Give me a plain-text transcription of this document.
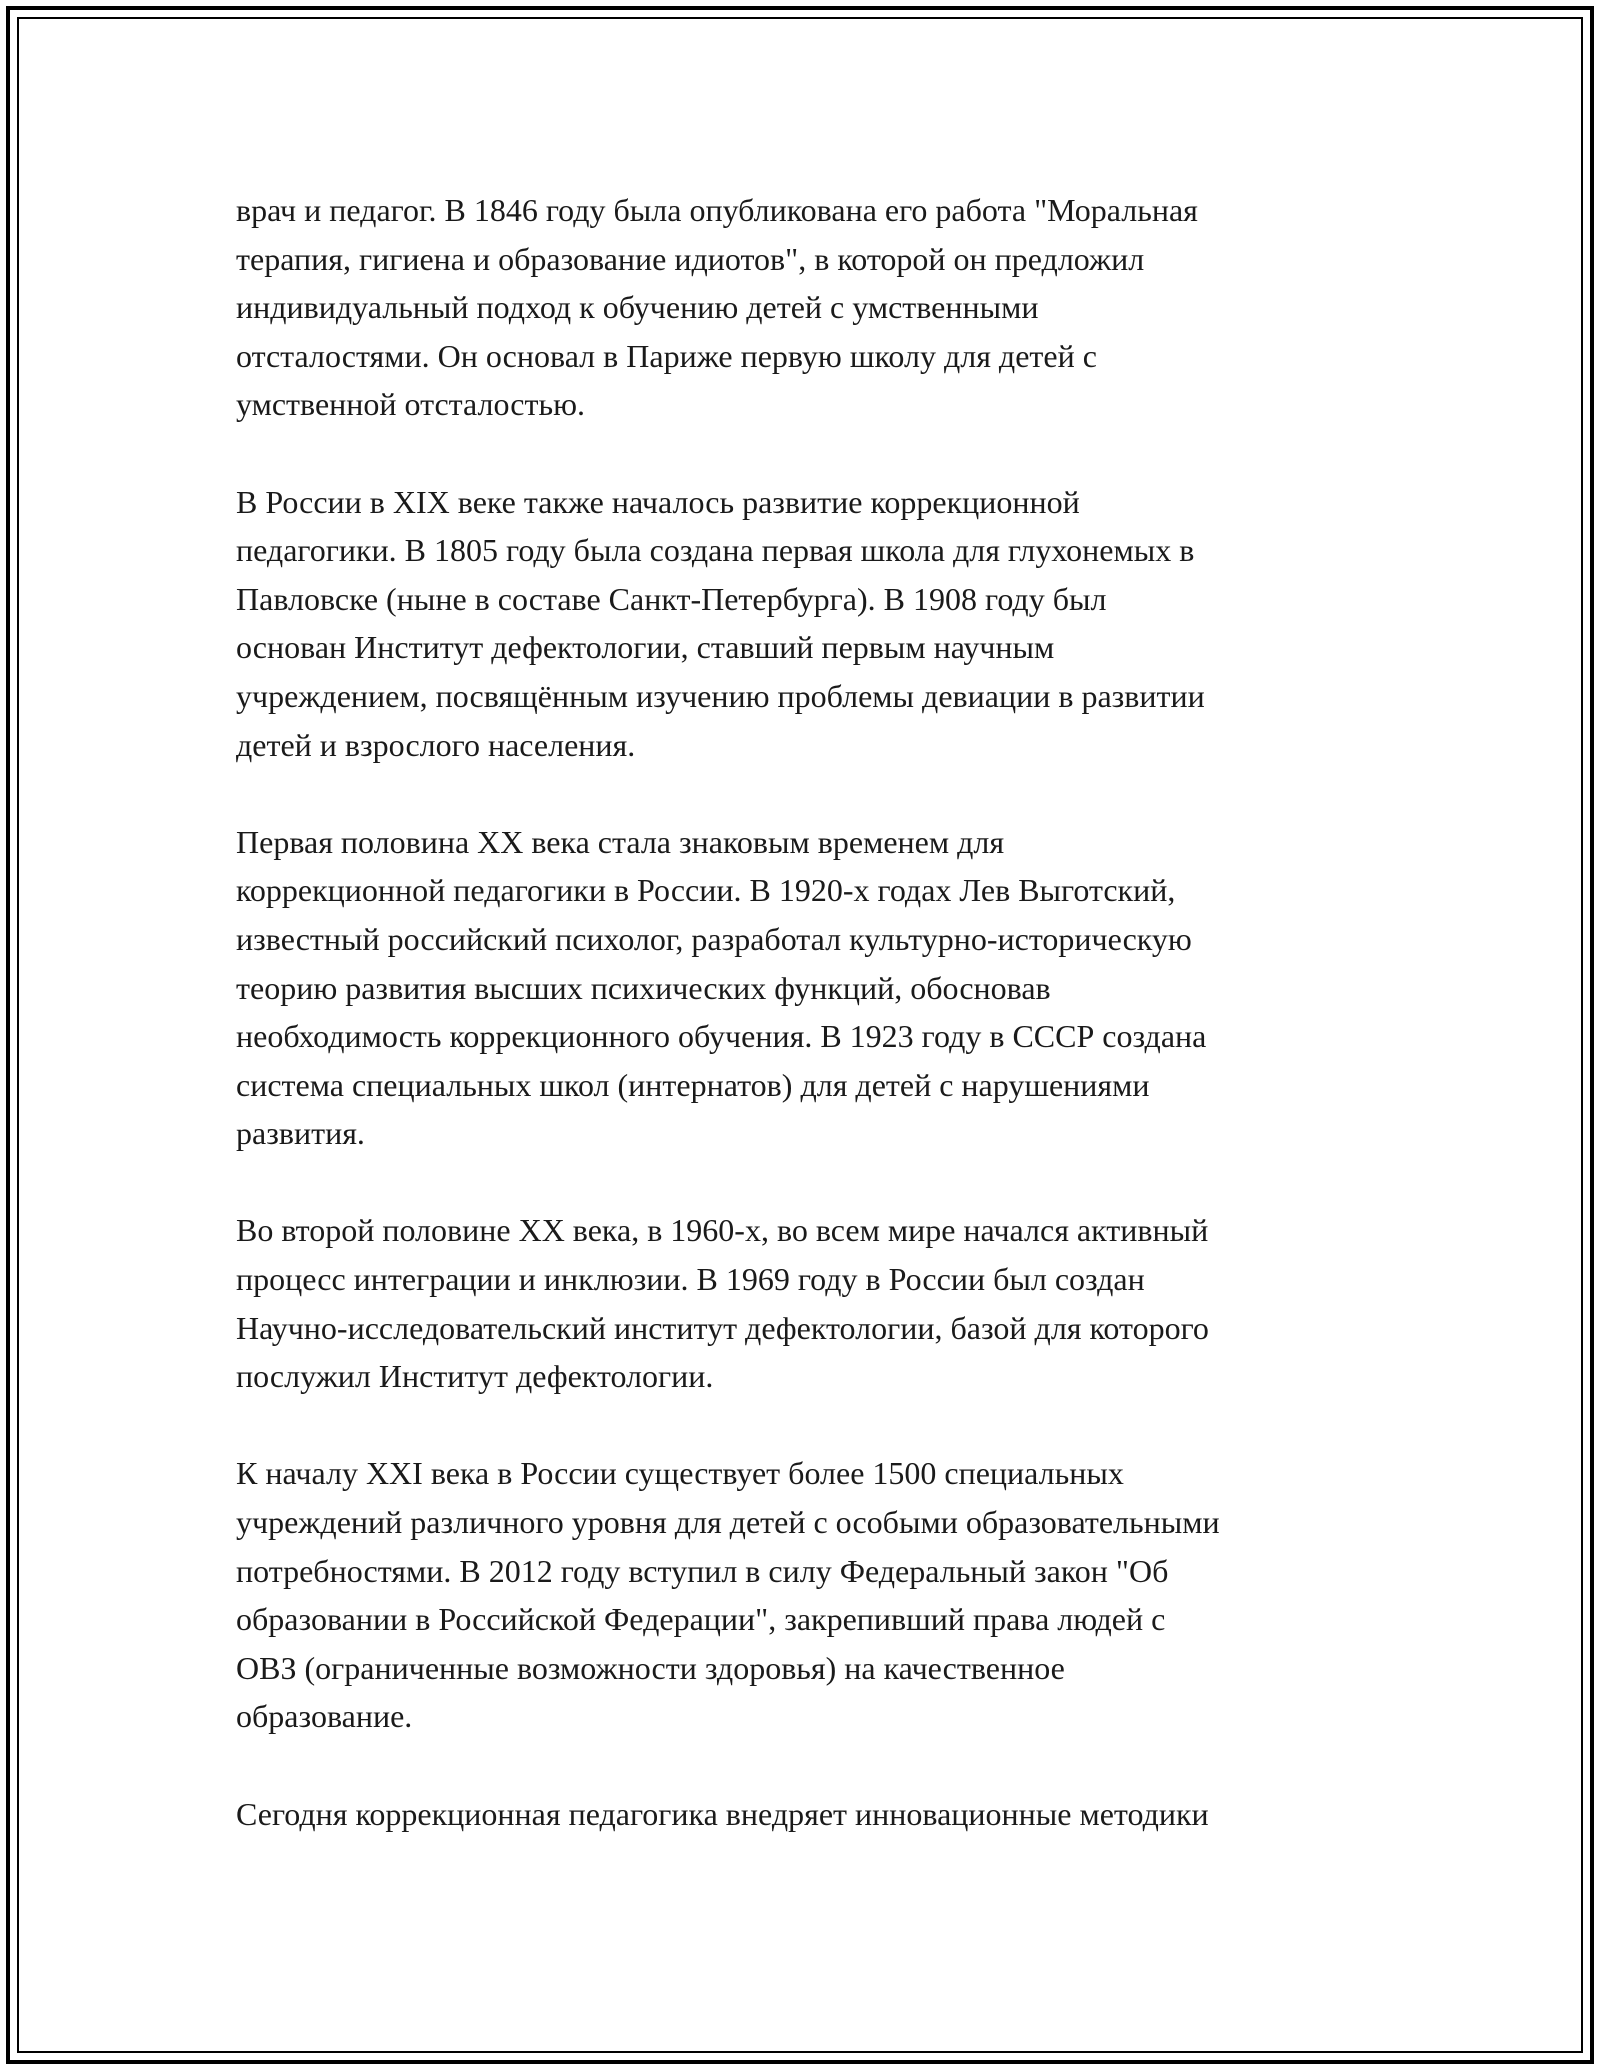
врач и педагог. В 1846 году была опубликована его работа "Моральная
терапия, гигиена и образование идиотов", в которой он предложил
индивидуальный подход к обучению детей с умственными
отсталостями. Он основал в Париже первую школу для детей с
умственной отсталостью.

В России в XIX веке также началось развитие коррекционной
педагогики. В 1805 году была создана первая школа для глухонемых в
Павловске (ныне в составе Санкт-Петербурга). В 1908 году был
основан Институт дефектологии, ставший первым научным
учреждением, посвящённым изучению проблемы девиации в развитии
детей и взрослого населения.

Первая половина XX века стала знаковым временем для
коррекционной педагогики в России. В 1920-х годах Лев Выготский,
известный российский психолог, разработал культурно-историческую
теорию развития высших психических функций, обосновав
необходимость коррекционного обучения. В 1923 году в СССР создана
система специальных школ (интернатов) для детей с нарушениями
развития.

Во второй половине XX века, в 1960-х, во всем мире начался активный
процесс интеграции и инклюзии. В 1969 году в России был создан
Научно-исследовательский институт дефектологии, базой для которого
послужил Институт дефектологии.

К началу XXI века в России существует более 1500 специальных
учреждений различного уровня для детей с особыми образовательными
потребностями. В 2012 году вступил в силу Федеральный закон "Об
образовании в Российской Федерации", закрепивший права людей с
ОВЗ (ограниченные возможности здоровья) на качественное
образование.

Сегодня коррекционная педагогика внедряет инновационные методики
